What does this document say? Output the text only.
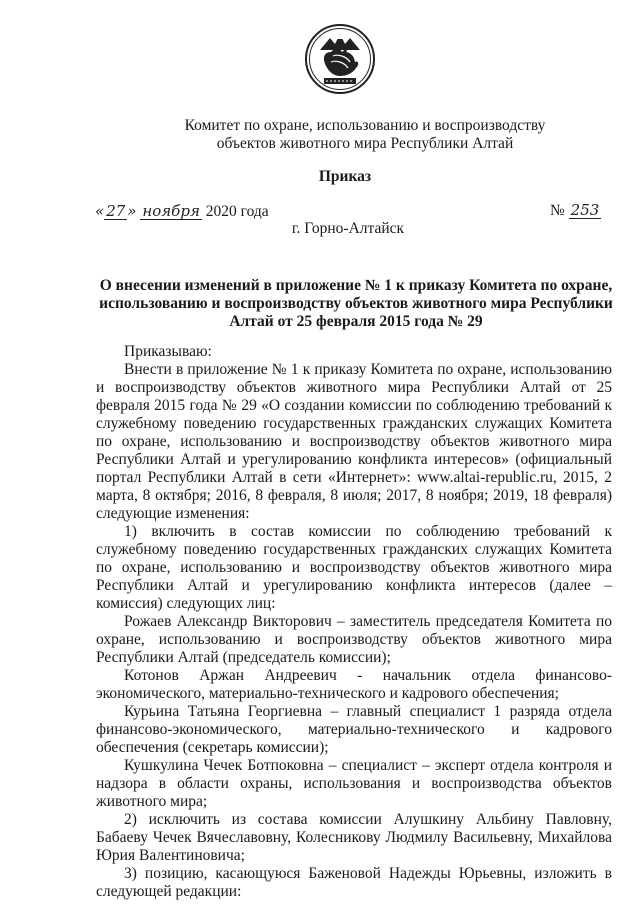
Комитет по охране, использованию и воспроизводству
объектов животного мира Республики Алтай
Приказ
« 27 » ноября 2020 года	№ 253
г. Горно-Алтайск
О внесении изменений в приложение № 1 к приказу Комитета по охране, использованию и воспроизводству объектов животного мира Республики Алтай от 25 февраля 2015 года № 29

Приказываю:

Внести в приложение № 1 к приказу Комитета по охране, использованию и воспроизводству объектов животного мира Республики Алтай от 25 февраля 2015 года № 29 «О создании комиссии по соблюдению требований к служебному поведению государственных гражданских служащих Комитета по охране, использованию и воспроизводству объектов животного мира Республики Алтай и урегулированию конфликта интересов» (официальный портал Республики Алтай в сети «Интернет»: www.altai-republic.ru, 2015, 2 марта, 8 октября; 2016, 8 февраля, 8 июля; 2017, 8 ноября; 2019, 18 февраля) следующие изменения:

1) включить в состав комиссии по соблюдению требований к служебному поведению государственных гражданских служащих Комитета по охране, использованию и воспроизводству объектов животного мира Республики Алтай и урегулированию конфликта интересов (далее – комиссия) следующих лиц:

Рожаев Александр Викторович – заместитель председателя Комитета по охране, использованию и воспроизводству объектов животного мира Республики Алтай (председатель комиссии);

Котонов Аржан Андреевич - начальник отдела финансово-экономического, материально-технического и кадрового обеспечения;

Курьина Татьяна Георгиевна – главный специалист 1 разряда отдела финансово-экономического, материально-технического и кадрового обеспечения (секретарь комиссии);

Кушкулина Чечек Ботпоковна – специалист – эксперт отдела контроля и надзора в области охраны, использования и воспроизводства объектов животного мира;

2) исключить из состава комиссии Алушкину Альбину Павловну, Бабаеву Чечек Вячеславовну, Колесникову Людмилу Васильевну, Михайлова Юрия Валентиновича;

3) позицию, касающуюся Баженовой Надежды Юрьевны, изложить в следующей редакции:
